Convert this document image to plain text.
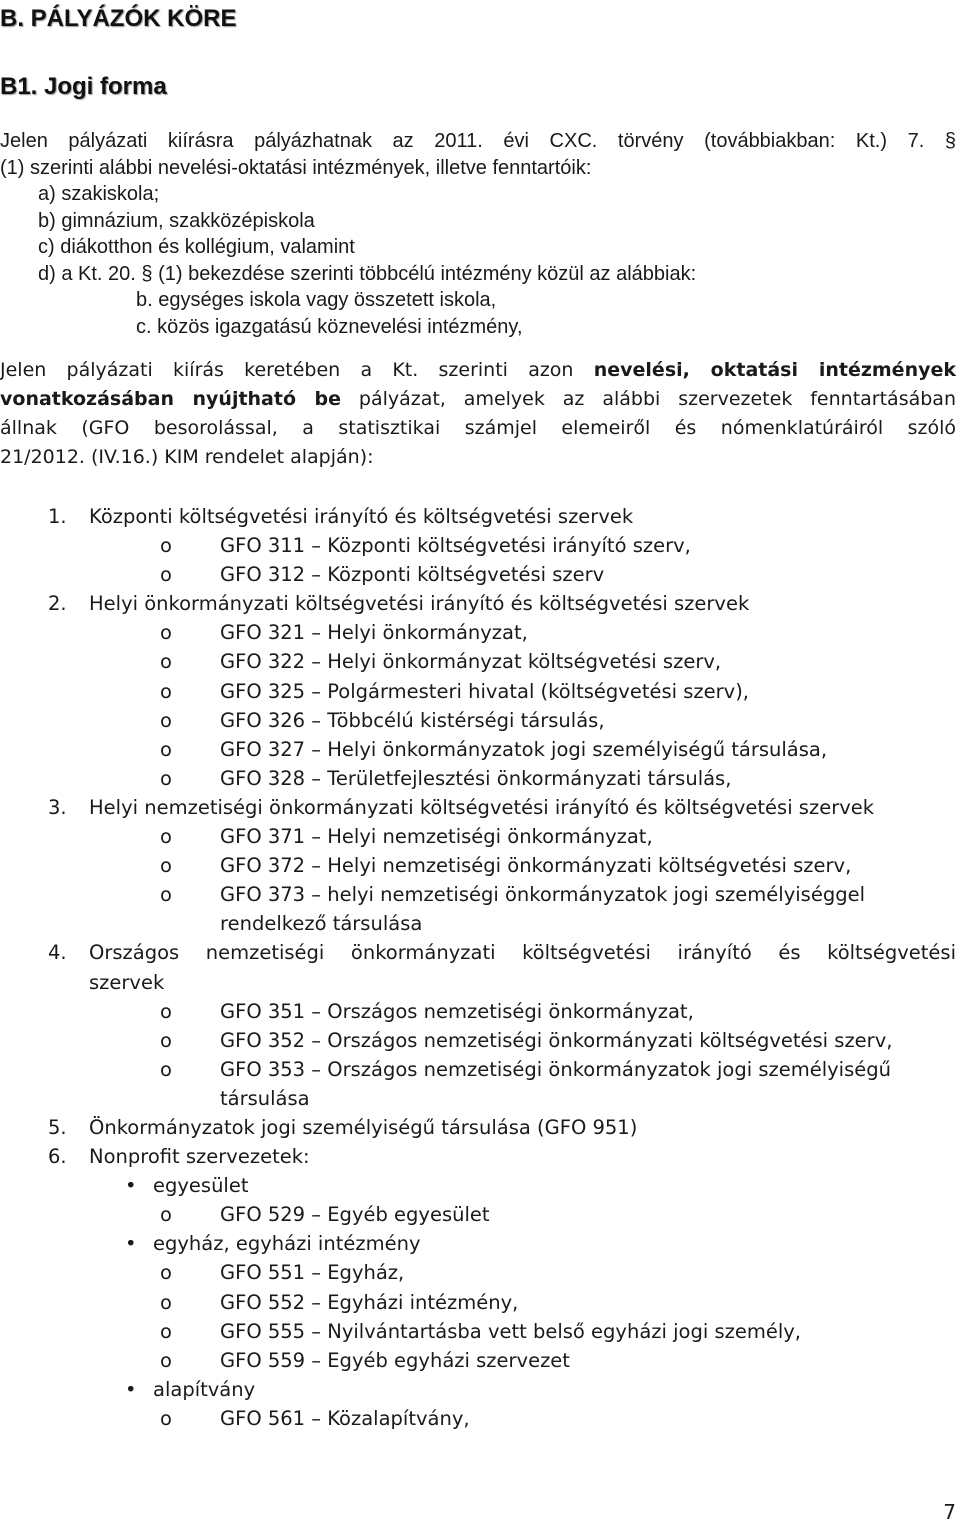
B. PÁLYÁZÓK KÖRE
B1. Jogi forma

Jelen pályázati kiírásra pályázhatnak az 2011. évi CXC. törvény (továbbiakban: Kt.) 7. §

(1) szerinti alábbi nevelési-oktatási intézmények, illetve fenntartóik:

a) szakiskola;

b) gimnázium, szakközépiskola

c) diákotthon és kollégium, valamint

d) a Kt. 20. § (1) bekezdése szerinti többcélú intézmény közül az alábbiak:

b. egységes iskola vagy összetett iskola,

c. közös igazgatású köznevelési intézmény,

Jelen pályázati kiírás keretében a Kt. szerinti azon nevelési, oktatási intézmények

vonatkozásában nyújtható be pályázat, amelyek az alábbi szervezetek fenntartásában

állnak (GFO besorolással, a statisztikai számjel elemeiről és nómenklatúráiról szóló

21/2012. (IV.16.) KIM rendelet alapján):

1. Központi költségvetési irányító és költségvetési szervek
o GFO 311 – Központi költségvetési irányító szerv,
o GFO 312 – Központi költségvetési szerv
2. Helyi önkormányzati költségvetési irányító és költségvetési szervek
o GFO 321 – Helyi önkormányzat,
o GFO 322 – Helyi önkormányzat költségvetési szerv,
o GFO 325 – Polgármesteri hivatal (költségvetési szerv),
o GFO 326 – Többcélú kistérségi társulás,
o GFO 327 – Helyi önkormányzatok jogi személyiségű társulása,
o GFO 328 – Területfejlesztési önkormányzati társulás,
3. Helyi nemzetiségi önkormányzati költségvetési irányító és költségvetési szervek
o GFO 371 – Helyi nemzetiségi önkormányzat,
o GFO 372 – Helyi nemzetiségi önkormányzati költségvetési szerv,
o GFO 373 – helyi nemzetiségi önkormányzatok jogi személyiséggel
rendelkező társulása
4. Országos nemzetiségi önkormányzati költségvetési irányító és költségvetési
szervek
o GFO 351 – Országos nemzetiségi önkormányzat,
o GFO 352 – Országos nemzetiségi önkormányzati költségvetési szerv,
o GFO 353 – Országos nemzetiségi önkormányzatok jogi személyiségű
társulása
5. Önkormányzatok jogi személyiségű társulása (GFO 951)
6. Nonprofit szervezetek:
• egyesület
o GFO 529 – Egyéb egyesület
• egyház, egyházi intézmény
o GFO 551 – Egyház,
o GFO 552 – Egyházi intézmény,
o GFO 555 – Nyilvántartásba vett belső egyházi jogi személy,
o GFO 559 – Egyéb egyházi szervezet
• alapítvány
o GFO 561 – Közalapítvány,
7
